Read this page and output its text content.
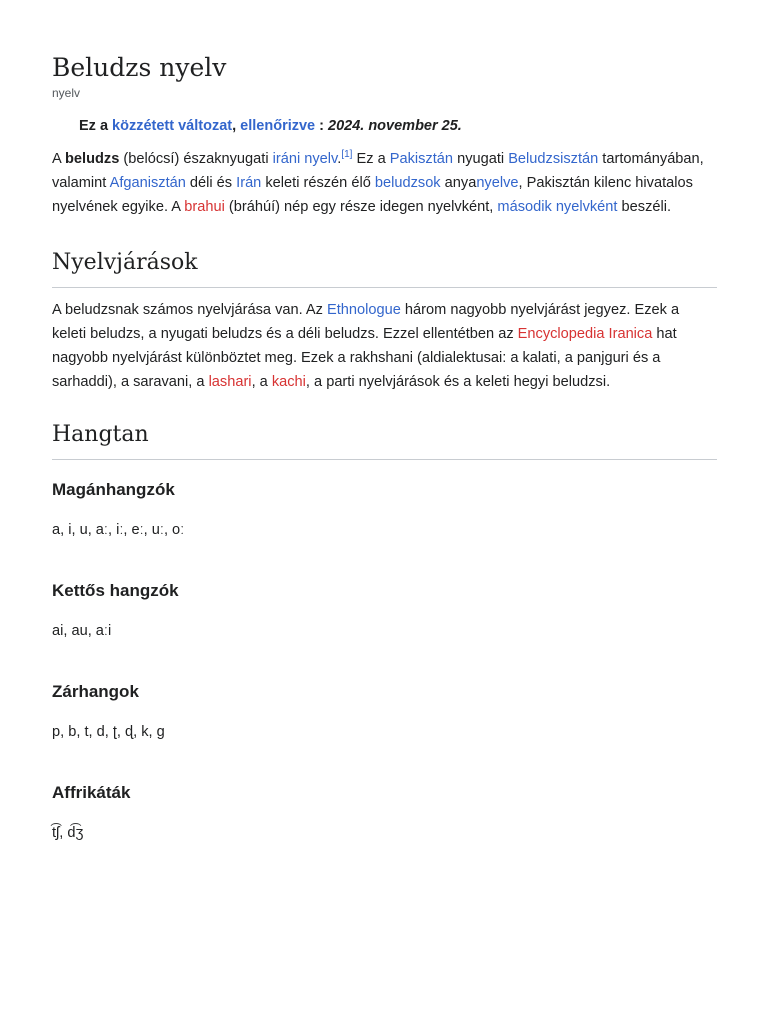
Beludzs nyelv
nyelv
Ez a közzétett változat, ellenőrizve : 2024. november 25.

A beludzs (belócsí) északnyugati iráni nyelv.[1] Ez a Pakisztán nyugati Beludzsisztán tartományában, valamint Afganisztán déli és Irán keleti részén élő beludzsok anyanyelve, Pakisztán kilenc hivatalos nyelvének egyike. A brahui (bráhúí) nép egy része idegen nyelvként, második nyelvként beszéli.

Nyelvjárások

A beludzsnak számos nyelvjárása van. Az Ethnologue három nagyobb nyelvjárást jegyez. Ezek a keleti beludzs, a nyugati beludzs és a déli beludzs. Ezzel ellentétben az Encyclopedia Iranica hat nagyobb nyelvjárást különböztet meg. Ezek a rakhshani (aldialektusai: a kalati, a panjguri és a sarhaddi), a saravani, a lashari, a kachi, a parti nyelvjárások és a keleti hegyi beludzsi.

Hangtan
Magánhangzók

a, i, u, aː, iː, eː, uː, oː

Kettős hangzók

ai, au, aːi

Zárhangok

p, b, t, d, ʈ, ɖ, k, g

Affrikáták

t͡ʃ, d͡ʒ
